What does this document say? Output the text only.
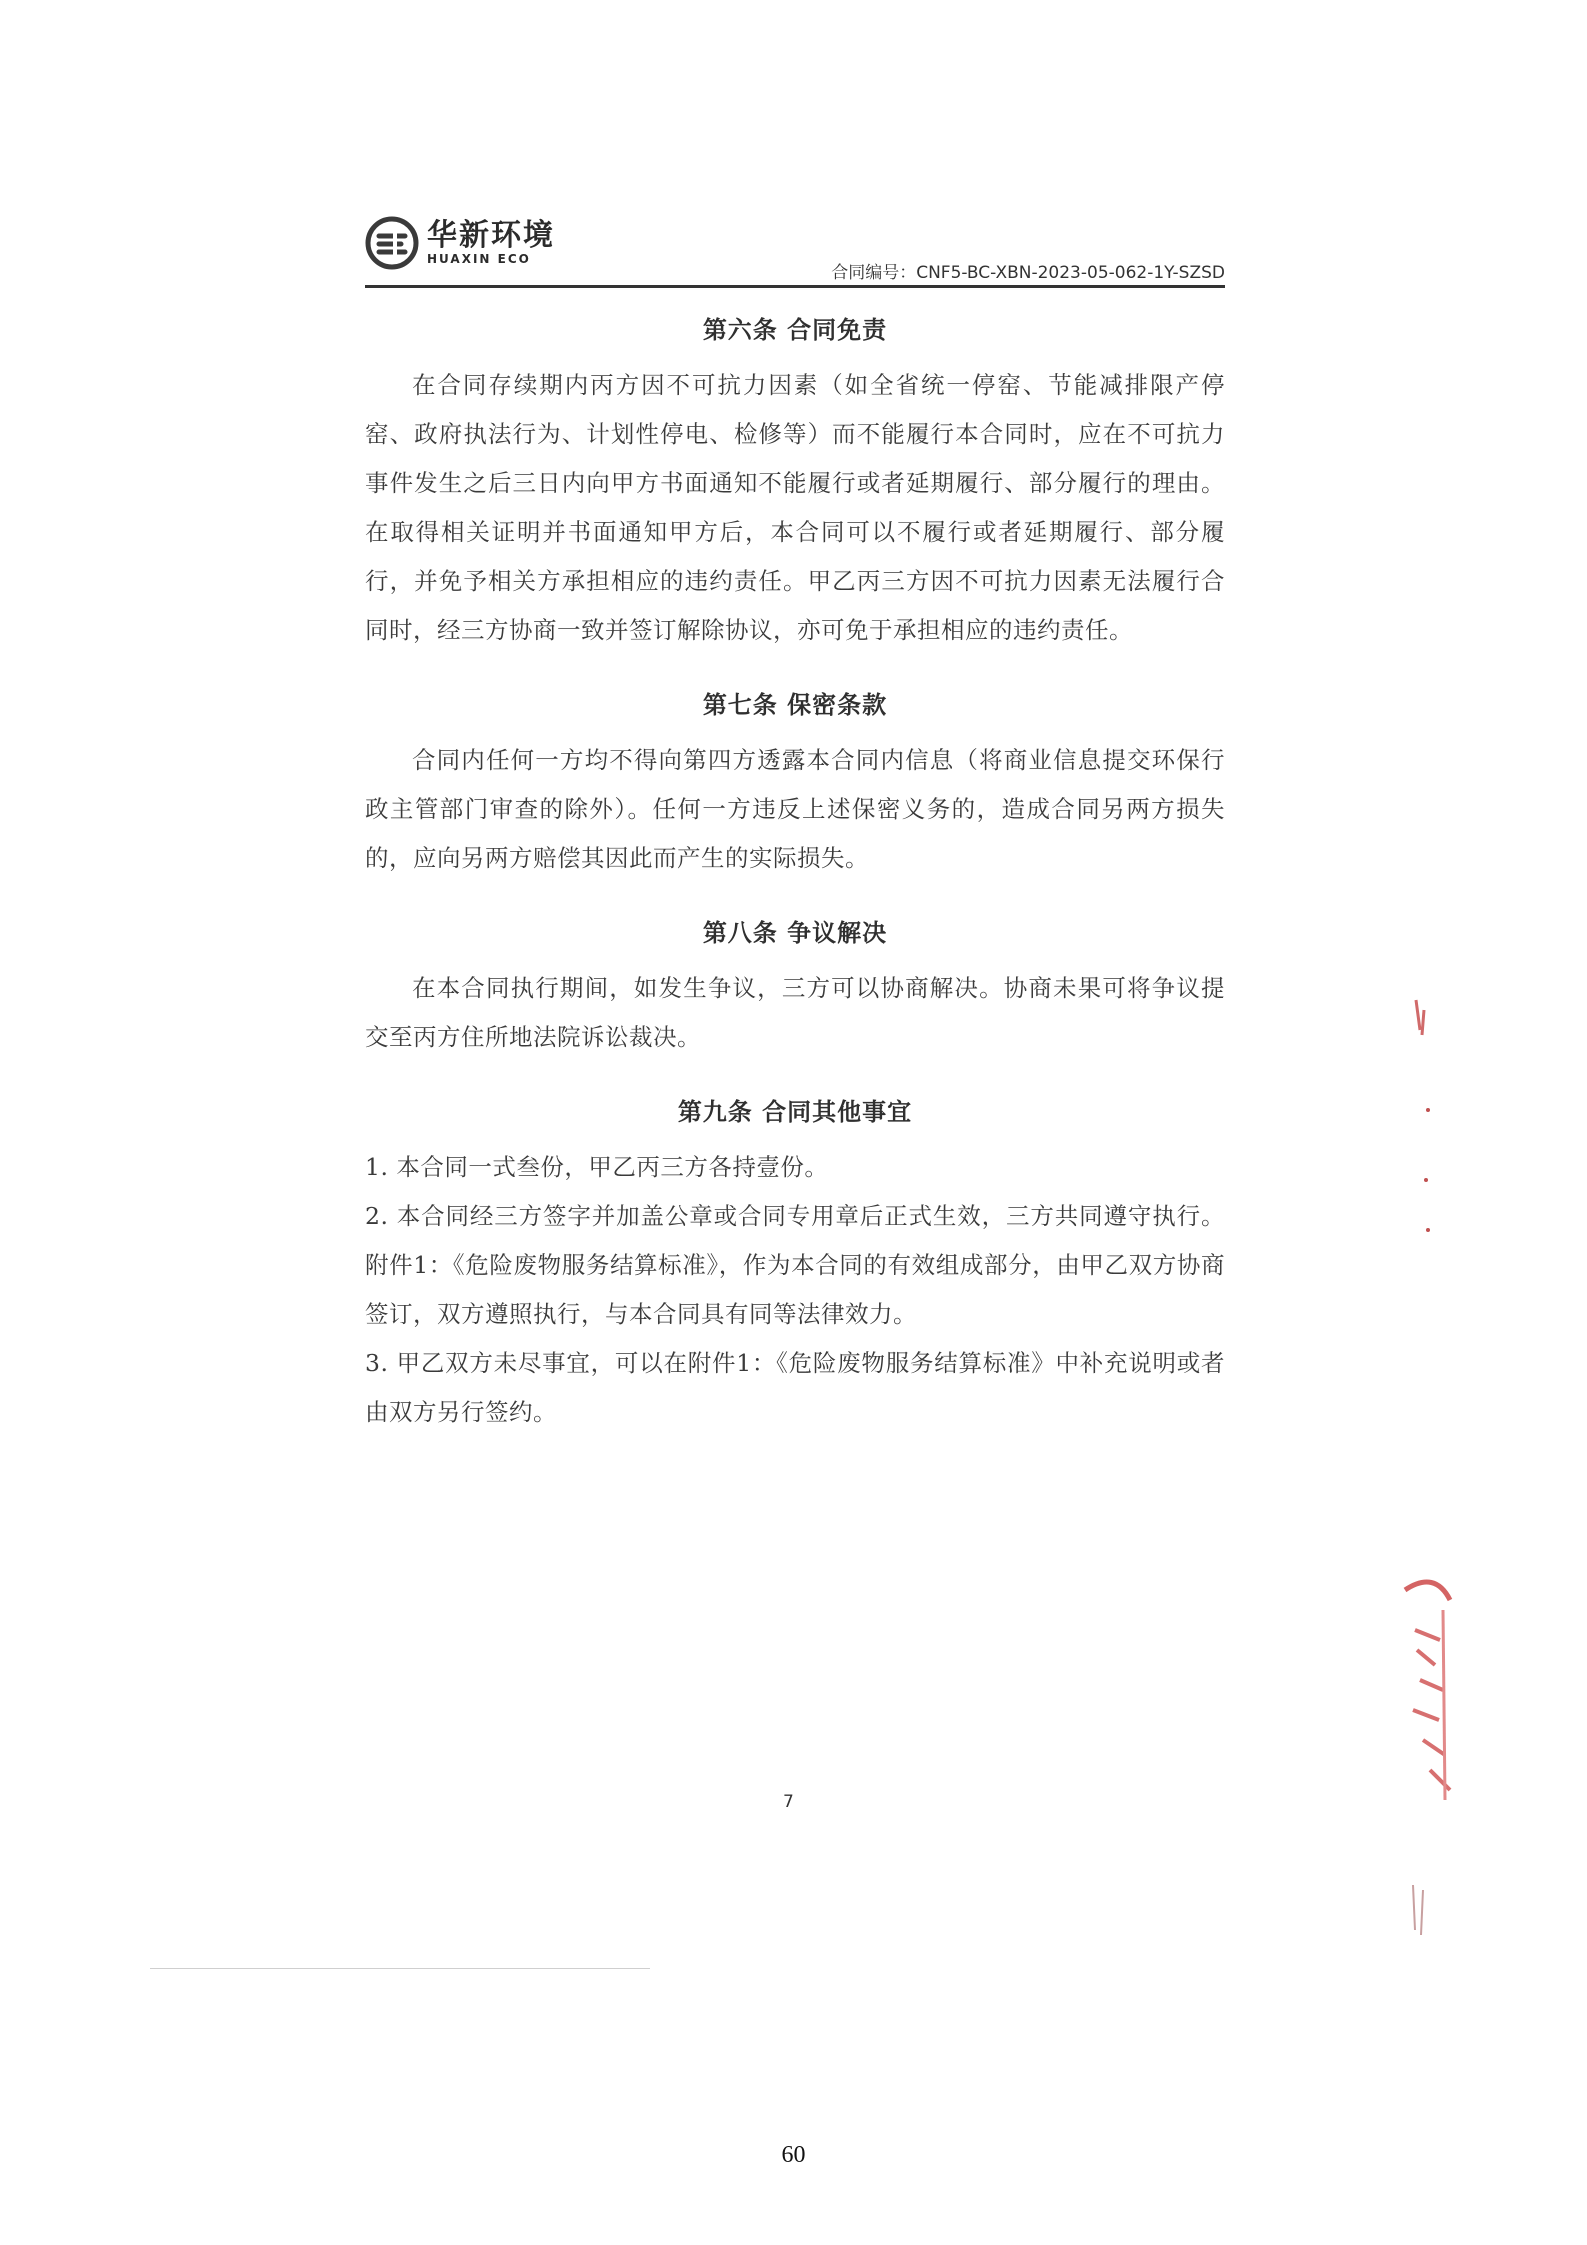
华新环境
HUAXIN ECO
合同编号：CNF5-BC-XBN-2023-05-062-1Y-SZSD
第六条 合同免责

在合同存续期内丙方因不可抗力因素（如全省统一停窑、节能减排限产停窑、政府执法行为、计划性停电、检修等）而不能履行本合同时，应在不可抗力事件发生之后三日内向甲方书面通知不能履行或者延期履行、部分履行的理由。在取得相关证明并书面通知甲方后，本合同可以不履行或者延期履行、部分履行，并免予相关方承担相应的违约责任。甲乙丙三方因不可抗力因素无法履行合同时，经三方协商一致并签订解除协议，亦可免于承担相应的违约责任。

第七条 保密条款

合同内任何一方均不得向第四方透露本合同内信息（将商业信息提交环保行政主管部门审查的除外）。任何一方违反上述保密义务的，造成合同另两方损失的，应向另两方赔偿其因此而产生的实际损失。

第八条 争议解决

在本合同执行期间，如发生争议，三方可以协商解决。协商未果可将争议提交至丙方住所地法院诉讼裁决。

第九条 合同其他事宜

1. 本合同一式叁份，甲乙丙三方各持壹份。

2. 本合同经三方签字并加盖公章或合同专用章后正式生效，三方共同遵守执行。附件1：《危险废物服务结算标准》，作为本合同的有效组成部分，由甲乙双方协商签订，双方遵照执行，与本合同具有同等法律效力。

3. 甲乙双方未尽事宜，可以在附件1：《危险废物服务结算标准》中补充说明或者由双方另行签约。

7
60
